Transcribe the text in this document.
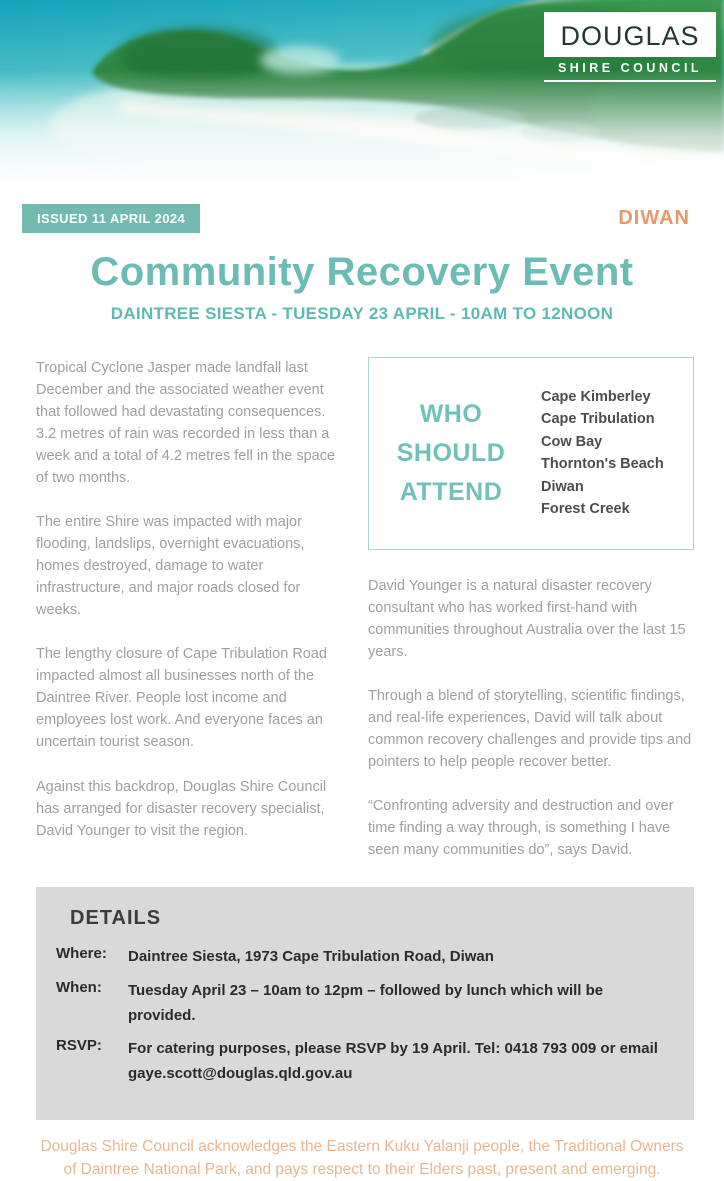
DOUGLAS
SHIRE COUNCIL
ISSUED 11 APRIL 2024	DIWAN
Community Recovery Event
DAINTREE SIESTA - TUESDAY 23 APRIL - 10AM TO 12NOON

Tropical Cyclone Jasper made landfall last December and the associated weather event that followed had devastating consequences. 3.2 metres of rain was recorded in less than a week and a total of 4.2 metres fell in the space of two months.

The entire Shire was impacted with major flooding, landslips, overnight evacuations, homes destroyed, damage to water infrastructure, and major roads closed for weeks.

The lengthy closure of Cape Tribulation Road impacted almost all businesses north of the Daintree River. People lost income and employees lost work. And everyone faces an uncertain tourist season.

Against this backdrop, Douglas Shire Council has arranged for disaster recovery specialist, David Younger to visit the region.

WHO
SHOULD
ATTEND
Cape Kimberley
Cape Tribulation
Cow Bay
Thornton's Beach
Diwan
Forest Creek

David Younger is a natural disaster recovery consultant who has worked first-hand with communities throughout Australia over the last 15 years.

Through a blend of storytelling, scientific findings, and real-life experiences, David will talk about common recovery challenges and provide tips and pointers to help people recover better.

“Confronting adversity and destruction and over time finding a way through, is something I have seen many communities do”, says David.

DETAILS
Where:	Daintree Siesta, 1973 Cape Tribulation Road, Diwan
When:	Tuesday April 23 – 10am to 12pm – followed by lunch which will be provided.
RSVP:	For catering purposes, please RSVP by 19 April. Tel: 0418 793 009 or email gaye.scott@douglas.qld.gov.au
Douglas Shire Council acknowledges the Eastern Kuku Yalanji people, the Traditional Owners of Daintree National Park, and pays respect to their Elders past, present and emerging.
